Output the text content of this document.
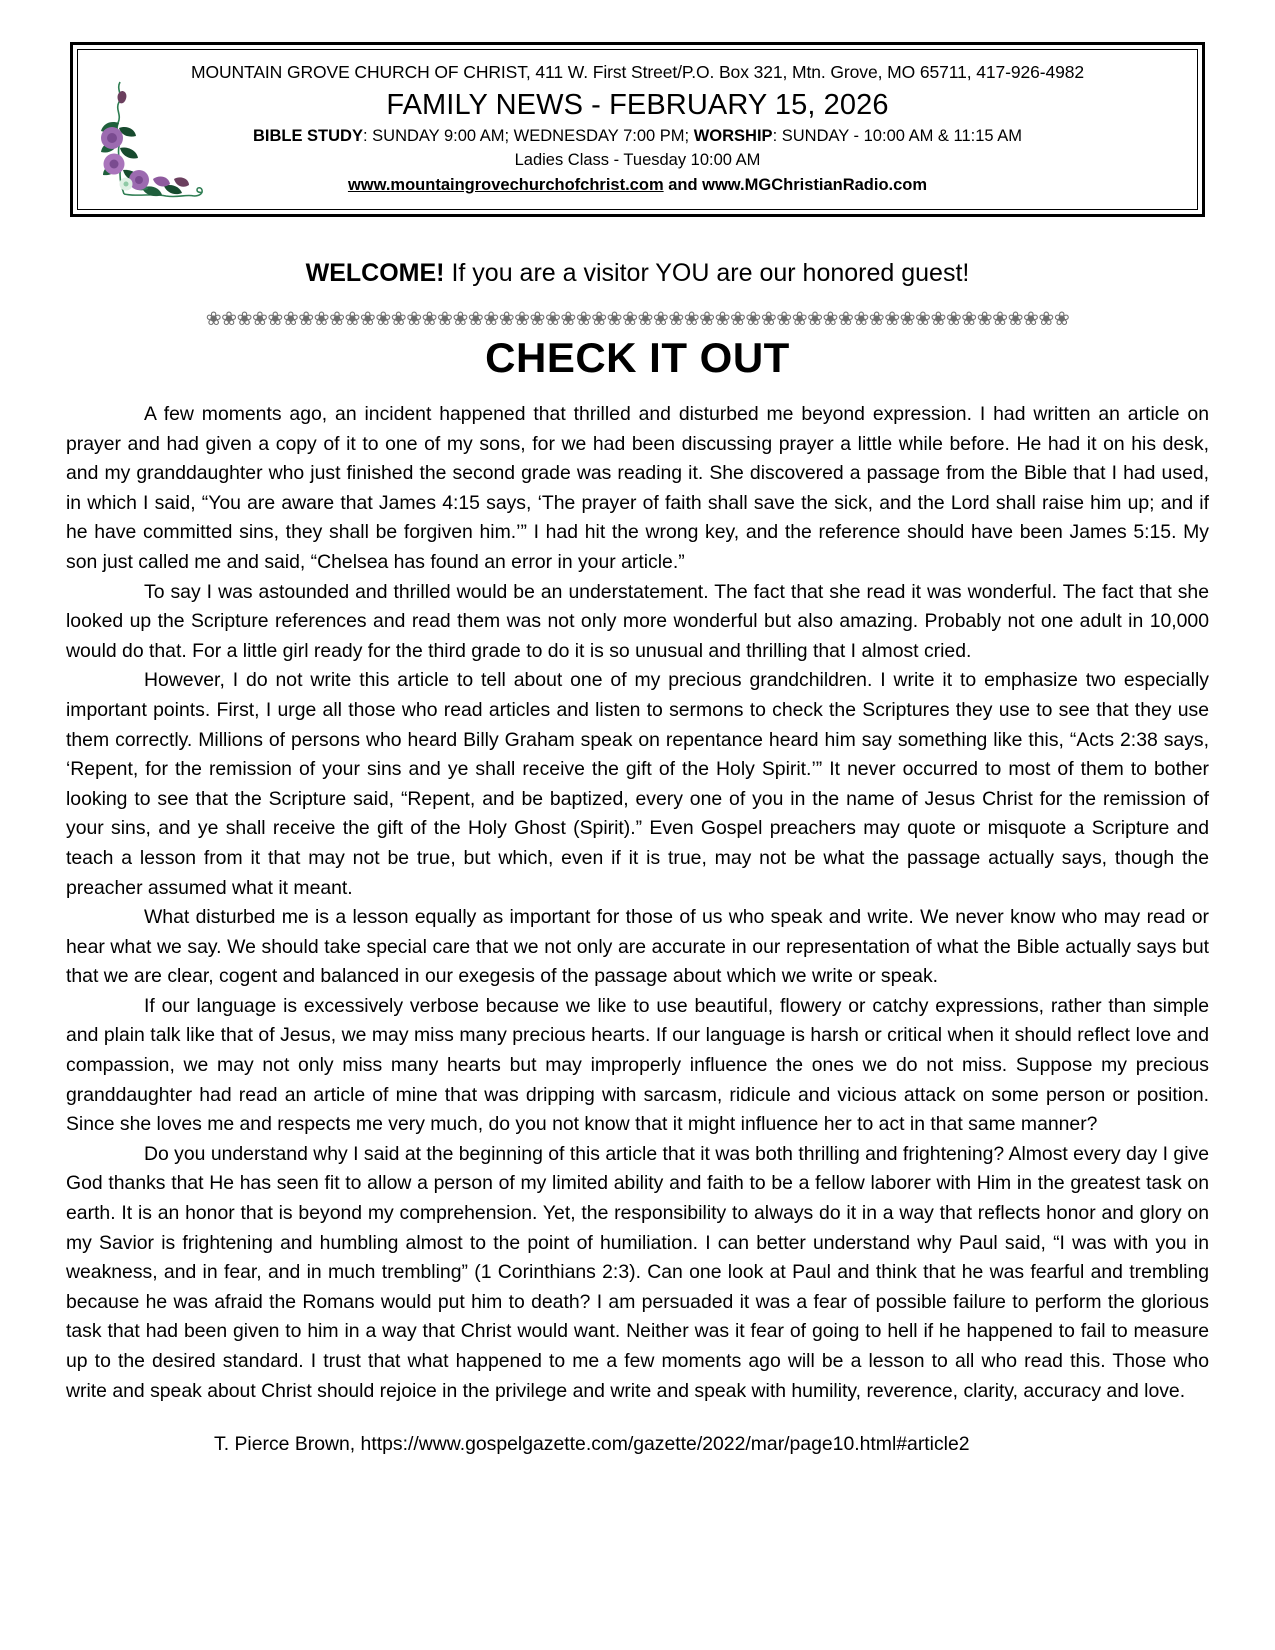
MOUNTAIN GROVE CHURCH OF CHRIST, 411 W. First Street/P.O. Box 321, Mtn. Grove, MO 65711, 417-926-4982
FAMILY NEWS - FEBRUARY 15, 2026
BIBLE STUDY: SUNDAY 9:00 AM; WEDNESDAY 7:00 PM; WORSHIP: SUNDAY - 10:00 AM & 11:15 AM
Ladies Class - Tuesday 10:00 AM
www.mountaingrovechurchofchrist.com and www.MGChristianRadio.com
WELCOME! If you are a visitor YOU are our honored guest!
❀❀❀❀❀❀❀❀❀❀❀❀❀❀❀❀❀❀❀❀❀❀❀❀❀❀❀❀❀❀❀❀❀❀❀❀❀❀❀❀❀❀❀❀❀❀❀❀❀❀❀❀❀❀❀❀
CHECK IT OUT

A few moments ago, an incident happened that thrilled and disturbed me beyond expression. I had written an article on prayer and had given a copy of it to one of my sons, for we had been discussing prayer a little while before. He had it on his desk, and my granddaughter who just finished the second grade was reading it. She discovered a passage from the Bible that I had used, in which I said, “You are aware that James 4:15 says, ‘The prayer of faith shall save the sick, and the Lord shall raise him up; and if he have committed sins, they shall be forgiven him.’” I had hit the wrong key, and the reference should have been James 5:15. My son just called me and said, “Chelsea has found an error in your article.”

To say I was astounded and thrilled would be an understatement. The fact that she read it was wonderful. The fact that she looked up the Scripture references and read them was not only more wonderful but also amazing. Probably not one adult in 10,000 would do that. For a little girl ready for the third grade to do it is so unusual and thrilling that I almost cried.

However, I do not write this article to tell about one of my precious grandchildren. I write it to emphasize two especially important points. First, I urge all those who read articles and listen to sermons to check the Scriptures they use to see that they use them correctly. Millions of persons who heard Billy Graham speak on repentance heard him say something like this, “Acts 2:38 says, ‘Repent, for the remission of your sins and ye shall receive the gift of the Holy Spirit.’” It never occurred to most of them to bother looking to see that the Scripture said, “Repent, and be baptized, every one of you in the name of Jesus Christ for the remission of your sins, and ye shall receive the gift of the Holy Ghost (Spirit).” Even Gospel preachers may quote or misquote a Scripture and teach a lesson from it that may not be true, but which, even if it is true, may not be what the passage actually says, though the preacher assumed what it meant.

What disturbed me is a lesson equally as important for those of us who speak and write. We never know who may read or hear what we say. We should take special care that we not only are accurate in our representation of what the Bible actually says but that we are clear, cogent and balanced in our exegesis of the passage about which we write or speak.

If our language is excessively verbose because we like to use beautiful, flowery or catchy expressions, rather than simple and plain talk like that of Jesus, we may miss many precious hearts. If our language is harsh or critical when it should reflect love and compassion, we may not only miss many hearts but may improperly influence the ones we do not miss. Suppose my precious granddaughter had read an article of mine that was dripping with sarcasm, ridicule and vicious attack on some person or position. Since she loves me and respects me very much, do you not know that it might influence her to act in that same manner?

Do you understand why I said at the beginning of this article that it was both thrilling and frightening? Almost every day I give God thanks that He has seen fit to allow a person of my limited ability and faith to be a fellow laborer with Him in the greatest task on earth. It is an honor that is beyond my comprehension. Yet, the responsibility to always do it in a way that reflects honor and glory on my Savior is frightening and humbling almost to the point of humiliation. I can better understand why Paul said, “I was with you in weakness, and in fear, and in much trembling” (1 Corinthians 2:3). Can one look at Paul and think that he was fearful and trembling because he was afraid the Romans would put him to death? I am persuaded it was a fear of possible failure to perform the glorious task that had been given to him in a way that Christ would want. Neither was it fear of going to hell if he happened to fail to measure up to the desired standard. I trust that what happened to me a few moments ago will be a lesson to all who read this. Those who write and speak about Christ should rejoice in the privilege and write and speak with humility, reverence, clarity, accuracy and love.

T. Pierce Brown, https://www.gospelgazette.com/gazette/2022/mar/page10.html#article2
